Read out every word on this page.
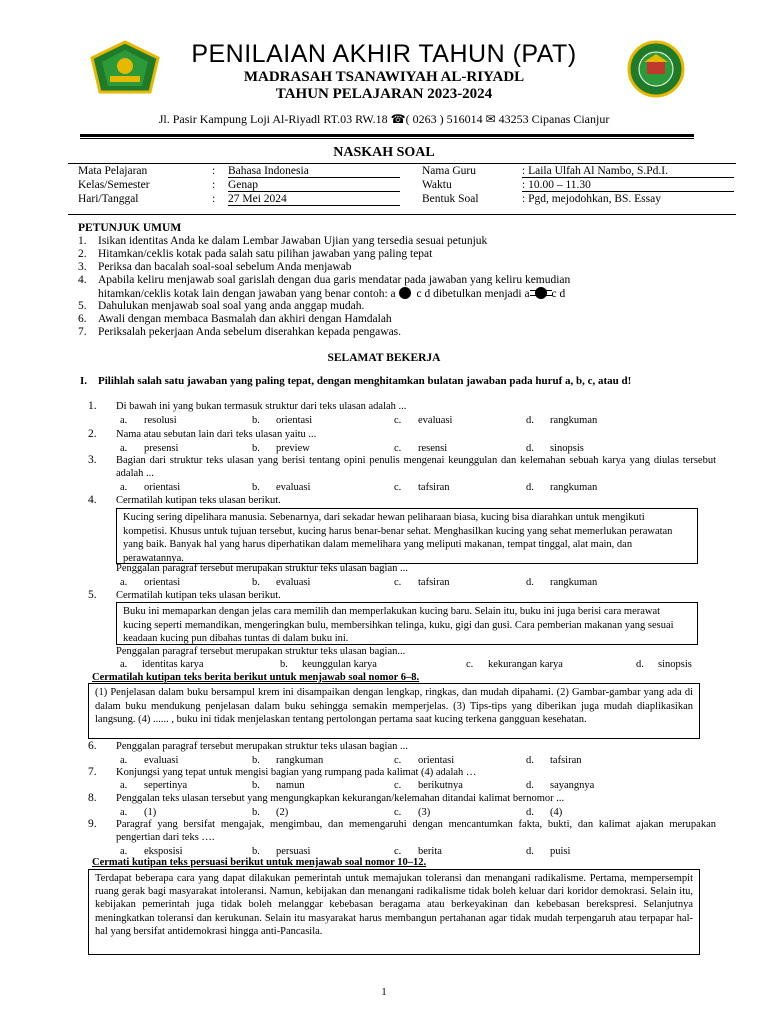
PENILAIAN AKHIR TAHUN (PAT)
MADRASAH TSANAWIYAH AL-RIYADL
TAHUN PELAJARAN 2023-2024
Jl. Pasir Kampung Loji Al-Riyadl RT.03 RW.18 ☎( 0263 ) 516014 ✉ 43253 Cipanas Cianjur
NASKAH SOAL
Mata Pelajaran	: Bahasa Indonesia
Kelas/Semester	: Genap
Hari/Tanggal	: 27 Mei 2024
Nama Guru	: Laila Ulfah Al Nambo, S.Pd.I.
Waktu	: 10.00 – 11.30
Bentuk Soal	: Pgd, mejodohkan, BS. Essay
PETUNJUK UMUM
1. Isikan identitas Anda ke dalam Lembar Jawaban Ujian yang tersedia sesuai petunjuk
2. Hitamkan/ceklis kotak pada salah satu pilihan jawaban yang paling tepat
3. Periksa dan bacalah soal-soal sebelum Anda menjawab
4. Apabila keliru menjawab soal garislah dengan dua garis mendatar pada jawaban yang keliru kemudian
hitamkan/ceklis kotak lain dengan jawaban yang benar contoh: a c d dibetulkan menjadi a c d
5. Dahulukan menjawab soal soal yang anda anggap mudah.
6. Awali dengan membaca Basmalah dan akhiri dengan Hamdalah
7. Periksalah pekerjaan Anda sebelum diserahkan kepada pengawas.
SELAMAT BEKERJA
I. Pilihlah salah satu jawaban yang paling tepat, dengan menghitamkan bulatan jawaban pada huruf a, b, c, atau d!
1. Di bawah ini yang bukan termasuk struktur dari teks ulasan adalah ...
a. resolusi	b. orientasi	c. evaluasi	d. rangkuman
2. Nama atau sebutan lain dari teks ulasan yaitu ...
a. presensi	b. preview	c. resensi	d. sinopsis
3. Bagian dari struktur teks ulasan yang berisi tentang opini penulis mengenai keunggulan dan kelemahan sebuah karya yang diulas tersebut adalah ...
a. orientasi	b. evaluasi	c. tafsiran	d. rangkuman
4. Cermatilah kutipan teks ulasan berikut.
Kucing sering dipelihara manusia. Sebenarnya, dari sekadar hewan peliharaan biasa, kucing bisa diarahkan untuk mengikuti kompetisi. Khusus untuk tujuan tersebut, kucing harus benar-benar sehat. Menghasilkan kucing yang sehat memerlukan perawatan yang baik. Banyak hal yang harus diperhatikan dalam memelihara yang meliputi makanan, tempat tinggal, alat main, dan perawatannya.
Penggalan paragraf tersebut merupakan struktur teks ulasan bagian ...
a. orientasi	b. evaluasi	c. tafsiran	d. rangkuman
5. Cermatilah kutipan teks ulasan berikut.
Buku ini memaparkan dengan jelas cara memilih dan memperlakukan kucing baru. Selain itu, buku ini juga berisi cara merawat kucing seperti memandikan, mengeringkan bulu, membersihkan telinga, kuku, gigi dan gusi. Cara pemberian makanan yang sesuai keadaan kucing pun dibahas tuntas di dalam buku ini.
Penggalan paragraf tersebut merupakan struktur teks ulasan bagian...
a. identitas karya	b. keunggulan karya	c. kekurangan karya	d. sinopsis
Cermatilah kutipan teks berita berikut untuk menjawab soal nomor 6–8.
(1) Penjelasan dalam buku bersampul krem ini disampaikan dengan lengkap, ringkas, dan mudah dipahami. (2) Gambar-gambar yang ada di dalam buku mendukung penjelasan dalam buku sehingga semakin memperjelas. (3) Tips-tips yang diberikan juga mudah diaplikasikan langsung. (4) ...... , buku ini tidak menjelaskan tentang pertolongan pertama saat kucing terkena gangguan kesehatan.
6. Penggalan paragraf tersebut merupakan struktur teks ulasan bagian ...
a. evaluasi	b. rangkuman	c. orientasi	d. tafsiran
7. Konjungsi yang tepat untuk mengisi bagian yang rumpang pada kalimat (4) adalah …
a. sepertinya	b. namun	c. berikutnya	d. sayangnya
8. Penggalan teks ulasan tersebut yang mengungkapkan kekurangan/kelemahan ditandai kalimat bernomor ...
a. (1)	b. (2)	c. (3)	d. (4)
9. Paragraf yang bersifat mengajak, mengimbau, dan memengaruhi dengan mencantumkan fakta, bukti, dan kalimat ajakan merupakan pengertian dari teks ….
a. eksposisi	b. persuasi	c. berita	d. puisi
Cermati kutipan teks persuasi berikut untuk menjawab soal nomor 10–12.
Terdapat beberapa cara yang dapat dilakukan pemerintah untuk memajukan toleransi dan menangani radikalisme. Pertama, mempersempit ruang gerak bagi masyarakat intoleransi. Namun, kebijakan dan menangani radikalisme tidak boleh keluar dari koridor demokrasi. Selain itu, kebijakan pemerintah juga tidak boleh melanggar kebebasan beragama atau berkeyakinan dan kebebasan berekspresi. Selanjutnya meningkatkan toleransi dan kerukunan. Selain itu masyarakat harus membangun pertahanan agar tidak mudah terpengaruh atau terpapar hal-hal yang bersifat antidemokrasi hingga anti-Pancasila.
1
